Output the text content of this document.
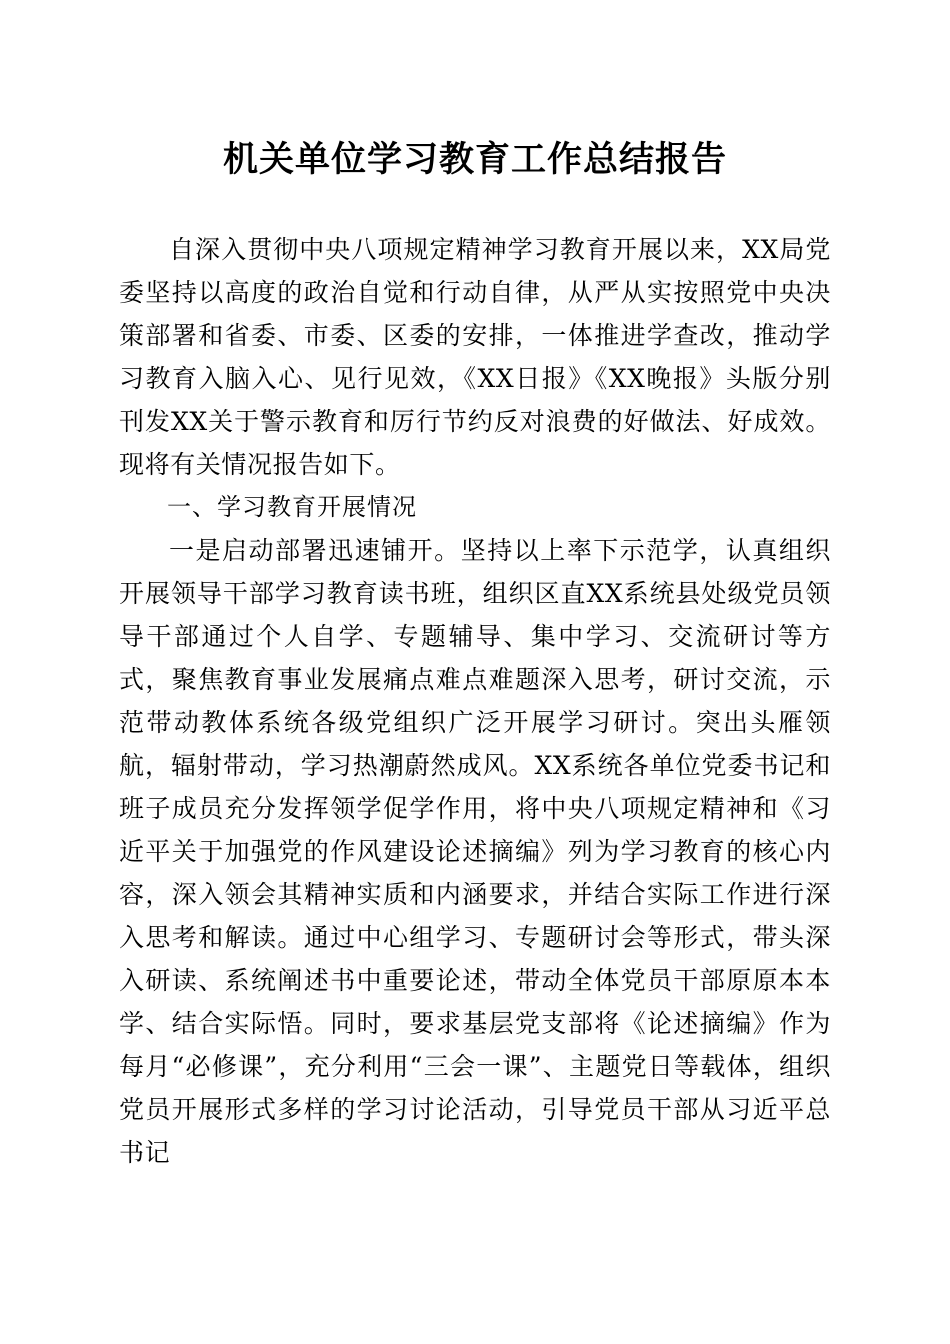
机关单位学习教育工作总结报告

自深入贯彻中央八项规定精神学习教育开展以来，XX局党委坚持以高度的政治自觉和行动自律，从严从实按照党中央决策部署和省委、市委、区委的安排，一体推进学查改，推动学习教育入脑入心、见行见效，《XX日报》《XX晚报》头版分别刊发XX关于警示教育和厉行节约反对浪费的好做法、好成效。现将有关情况报告如下。

一、学习教育开展情况

一是启动部署迅速铺开。坚持以上率下示范学，认真组织开展领导干部学习教育读书班，组织区直XX系统县处级党员领导干部通过个人自学、专题辅导、集中学习、交流研讨等方式，聚焦教育事业发展痛点难点难题深入思考，研讨交流，示范带动教体系统各级党组织广泛开展学习研讨。突出头雁领航，辐射带动，学习热潮蔚然成风。XX系统各单位党委书记和班子成员充分发挥领学促学作用，将中央八项规定精神和《习近平关于加强党的作风建设论述摘编》列为学习教育的核心内容，深入领会其精神实质和内涵要求，并结合实际工作进行深入思考和解读。通过中心组学习、专题研讨会等形式，带头深入研读、系统阐述书中重要论述，带动全体党员干部原原本本学、结合实际悟。同时，要求基层党支部将《论述摘编》作为每月“必修课”，充分利用“三会一课”、主题党日等载体，组织党员开展形式多样的学习讨论活动，引导党员干部从习近平总书记
